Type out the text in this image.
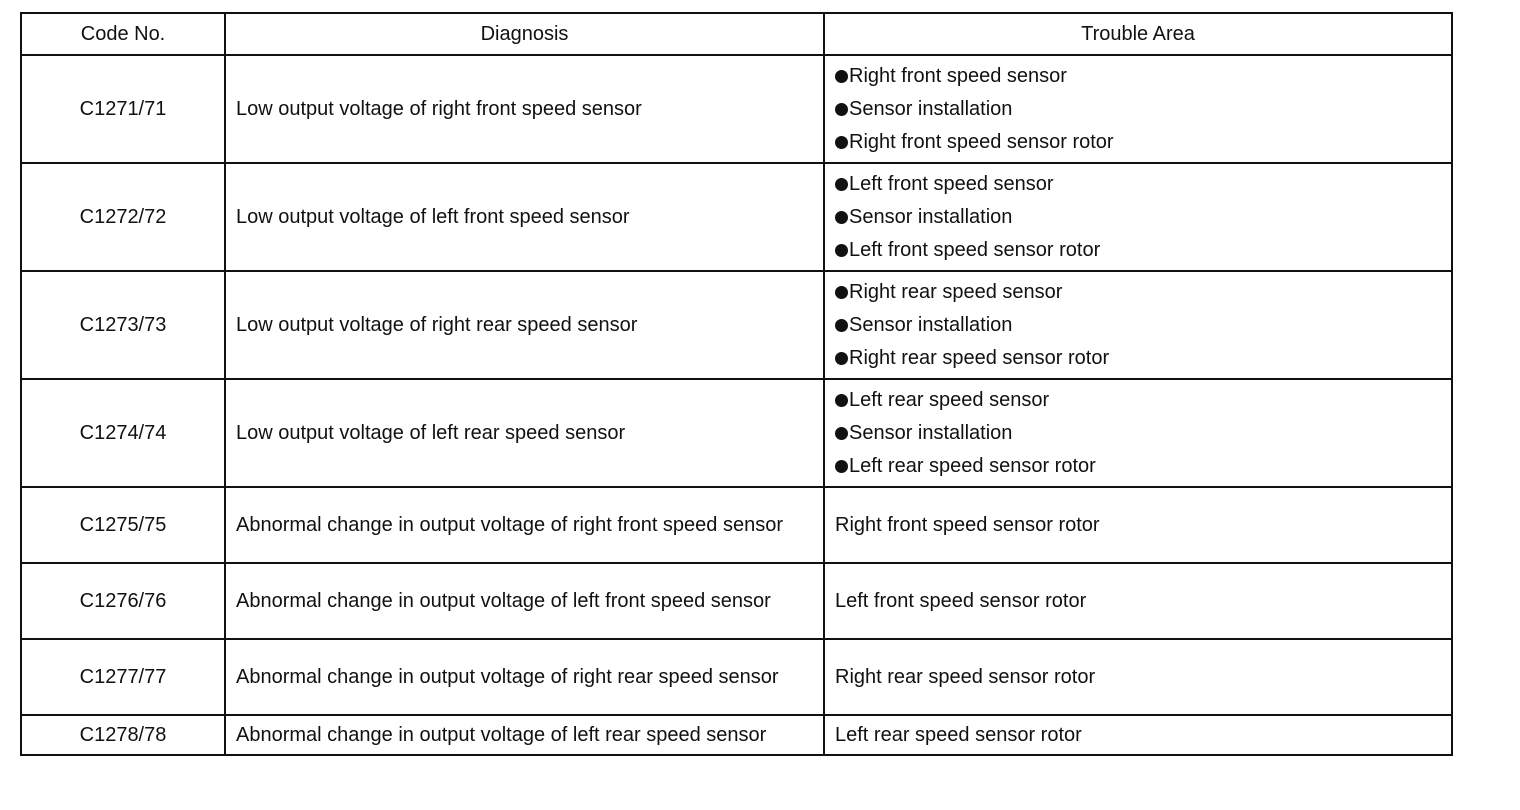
Code No.	Diagnosis	Trouble Area
C1271/71	Low output voltage of right front speed sensor	Right front speed sensor
Sensor installation
Right front speed sensor rotor

C1272/72	Low output voltage of left front speed sensor	Left front speed sensor
Sensor installation
Left front speed sensor rotor

C1273/73	Low output voltage of right rear speed sensor	Right rear speed sensor
Sensor installation
Right rear speed sensor rotor

C1274/74	Low output voltage of left rear speed sensor	Left rear speed sensor
Sensor installation
Left rear speed sensor rotor

C1275/75	Abnormal change in output voltage of right front speed sensor	Right front speed sensor rotor
C1276/76	Abnormal change in output voltage of left front speed sensor	Left front speed sensor rotor
C1277/77	Abnormal change in output voltage of right rear speed sensor	Right rear speed sensor rotor
C1278/78	Abnormal change in output voltage of left rear speed sensor	Left rear speed sensor rotor
